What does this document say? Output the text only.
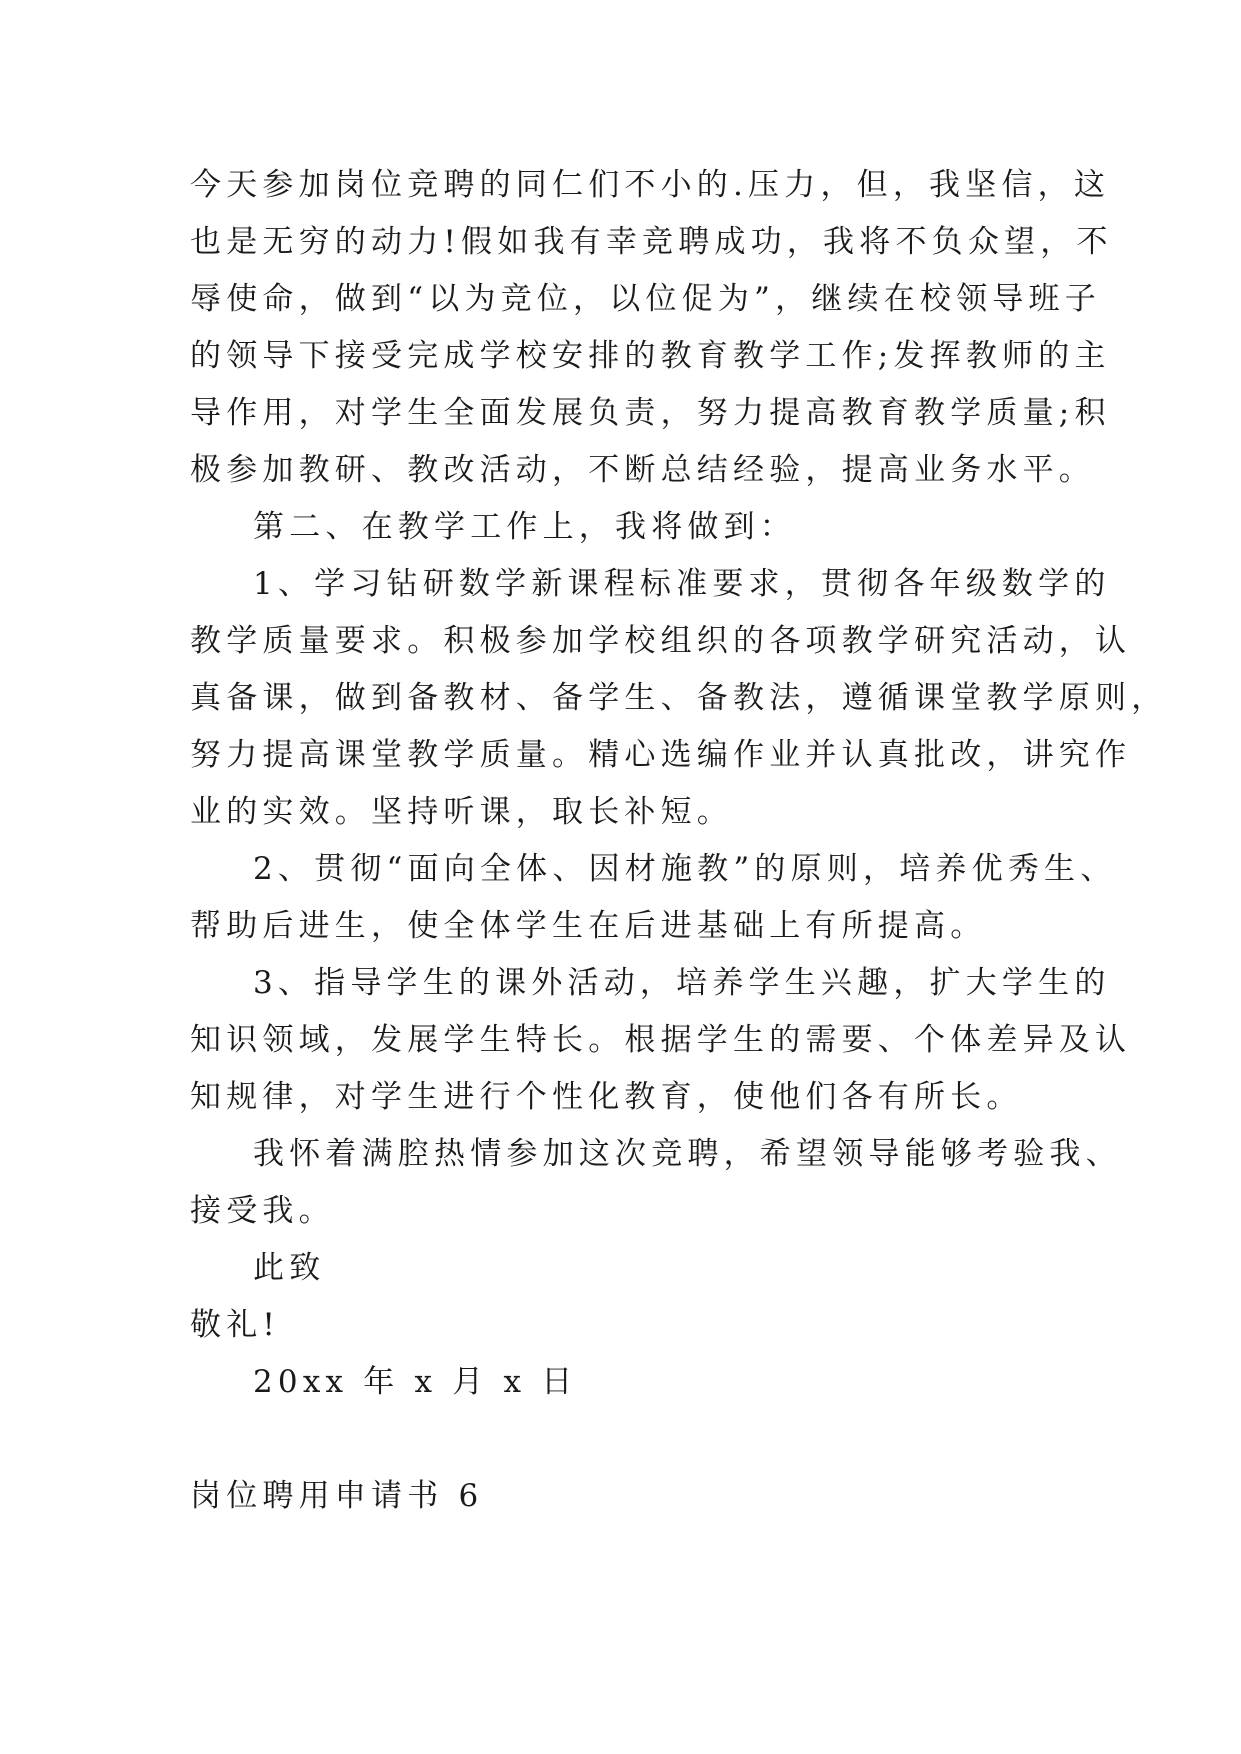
今天参加岗位竞聘的同仁们不小的.压力，但，我坚信，这
也是无穷的动力!假如我有幸竞聘成功，我将不负众望，不
辱使命，做到“以为竞位，以位促为”，继续在校领导班子
的领导下接受完成学校安排的教育教学工作;发挥教师的主
导作用，对学生全面发展负责，努力提高教育教学质量;积
极参加教研、教改活动，不断总结经验，提高业务水平。
第二、在教学工作上，我将做到：
1、学习钻研数学新课程标准要求，贯彻各年级数学的
教学质量要求。积极参加学校组织的各项教学研究活动，认
真备课，做到备教材、备学生、备教法，遵循课堂教学原则，
努力提高课堂教学质量。精心选编作业并认真批改，讲究作
业的实效。坚持听课，取长补短。
2、贯彻“面向全体、因材施教”的原则，培养优秀生、
帮助后进生，使全体学生在后进基础上有所提高。
3、指导学生的课外活动，培养学生兴趣，扩大学生的
知识领域，发展学生特长。根据学生的需要、个体差异及认
知规律，对学生进行个性化教育，使他们各有所长。
我怀着满腔热情参加这次竞聘，希望领导能够考验我、
接受我。
此致
敬礼!
20xx 年 x 月 x 日
岗位聘用申请书 6
